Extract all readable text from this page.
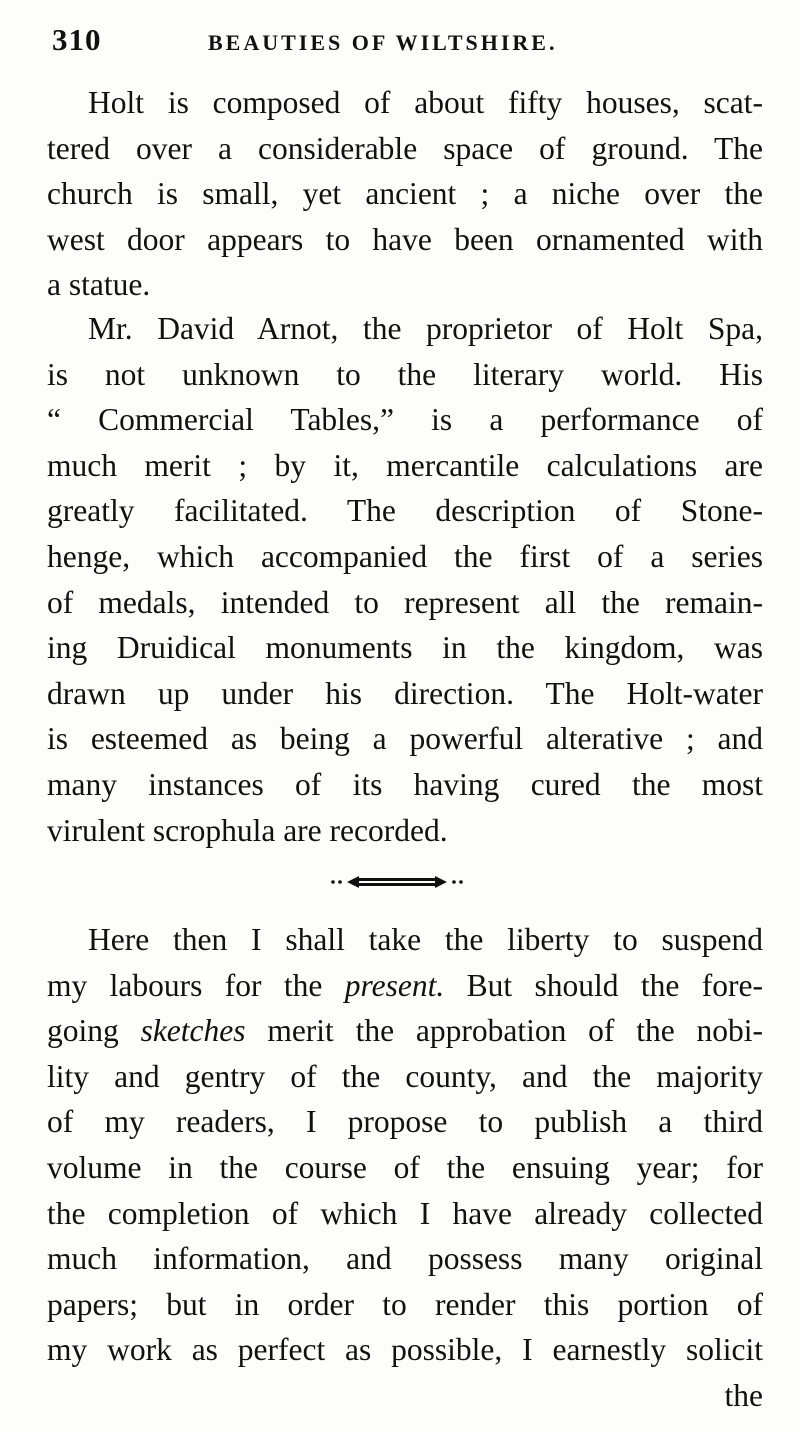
310	BEAUTIES OF WILTSHIRE.
Holt is composed of about fifty houses, scat-
tered over a considerable space of ground. The
church is small, yet ancient ; a niche over the
west door appears to have been ornamented with
a statue.
Mr. David Arnot, the proprietor of Holt Spa,
is not unknown to the literary world. His
“ Commercial Tables,” is a performance of
much merit ; by it, mercantile calculations are
greatly facilitated. The description of Stone-
henge, which accompanied the first of a series
of medals, intended to represent all the remain-
ing Druidical monuments in the kingdom, was
drawn up under his direction. The Holt-water
is esteemed as being a powerful alterative ; and
many instances of its having cured the most
virulent scrophula are recorded.
Here then I shall take the liberty to suspend
my labours for the present. But should the fore-
going sketches merit the approbation of the nobi-
lity and gentry of the county, and the majority
of my readers, I propose to publish a third
volume in the course of the ensuing year; for
the completion of which I have already collected
much information, and possess many original
papers; but in order to render this portion of
my work as perfect as possible, I earnestly solicit
the
